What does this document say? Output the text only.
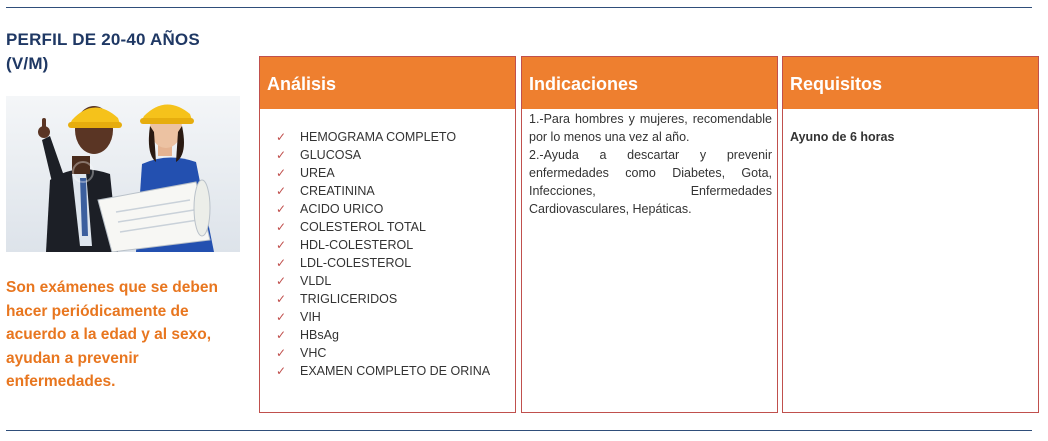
PERFIL DE 20-40 AÑOS
(V/M)
Son exámenes que se deben hacer periódicamente de acuerdo a la edad y al sexo, ayudan a prevenir enfermedades.
Análisis
✓ HEMOGRAMA COMPLETO
✓ GLUCOSA
✓ UREA
✓ CREATININA
✓ ACIDO URICO
✓ COLESTEROL TOTAL
✓ HDL-COLESTEROL
✓ LDL-COLESTEROL
✓ VLDL
✓ TRIGLICERIDOS
✓ VIH
✓ HBsAg
✓ VHC
✓ EXAMEN COMPLETO DE ORINA
Indicaciones

1.-Para hombres y mujeres, recomendable por lo menos una vez al año.

2.-Ayuda a descartar y prevenir enfermedades como Diabetes, Gota, Infecciones, Enfermedades Cardiovasculares, Hepáticas.

Requisitos
Ayuno de 6 horas
